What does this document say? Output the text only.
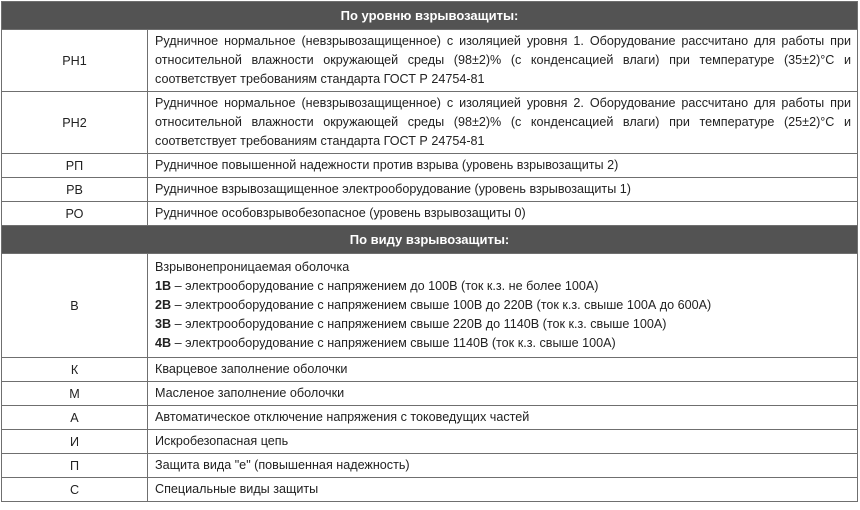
По уровню взрывозащиты:	
РН1	Рудничное нормальное (невзрывозащищенное) с изоляцией уровня 1. Оборудование рассчитано для работы при относительной влажности окружающей среды (98±2)% (с конденсацией влаги) при температуре (35±2)°С и соответствует требованиям стандарта ГОСТ Р 24754-81
РН2	Рудничное нормальное (невзрывозащищенное) с изоляцией уровня 2. Оборудование рассчитано для работы при относительной влажности окружающей среды (98±2)% (с конденсацией влаги) при температуре (25±2)°С и соответствует требованиям стандарта ГОСТ Р 24754-81
РП	Рудничное повышенной надежности против взрыва (уровень взрывозащиты 2)
РВ	Рудничное взрывозащищенное электрооборудование (уровень взрывозащиты 1)
РО	Рудничное особовзрывобезопасное (уровень взрывозащиты 0)
По виду взрывозащиты:	
В	Взрывонепроницаемая оболочка
1В – электрооборудование с напряжением до 100В (ток к.з. не более 100А)
2В – электрооборудование с напряжением свыше 100В до 220В (ток к.з. свыше 100А до 600А)
3В – электрооборудование с напряжением свыше 220В до 1140В (ток к.з. свыше 100А)
4В – электрооборудование с напряжением свыше 1140В (ток к.з. свыше 100А)

К	Кварцевое заполнение оболочки
М	Масленое заполнение оболочки
А	Автоматическое отключение напряжения с токоведущих частей
И	Искробезопасная цепь
П	Защита вида "е" (повышенная надежность)
С	Специальные виды защиты
